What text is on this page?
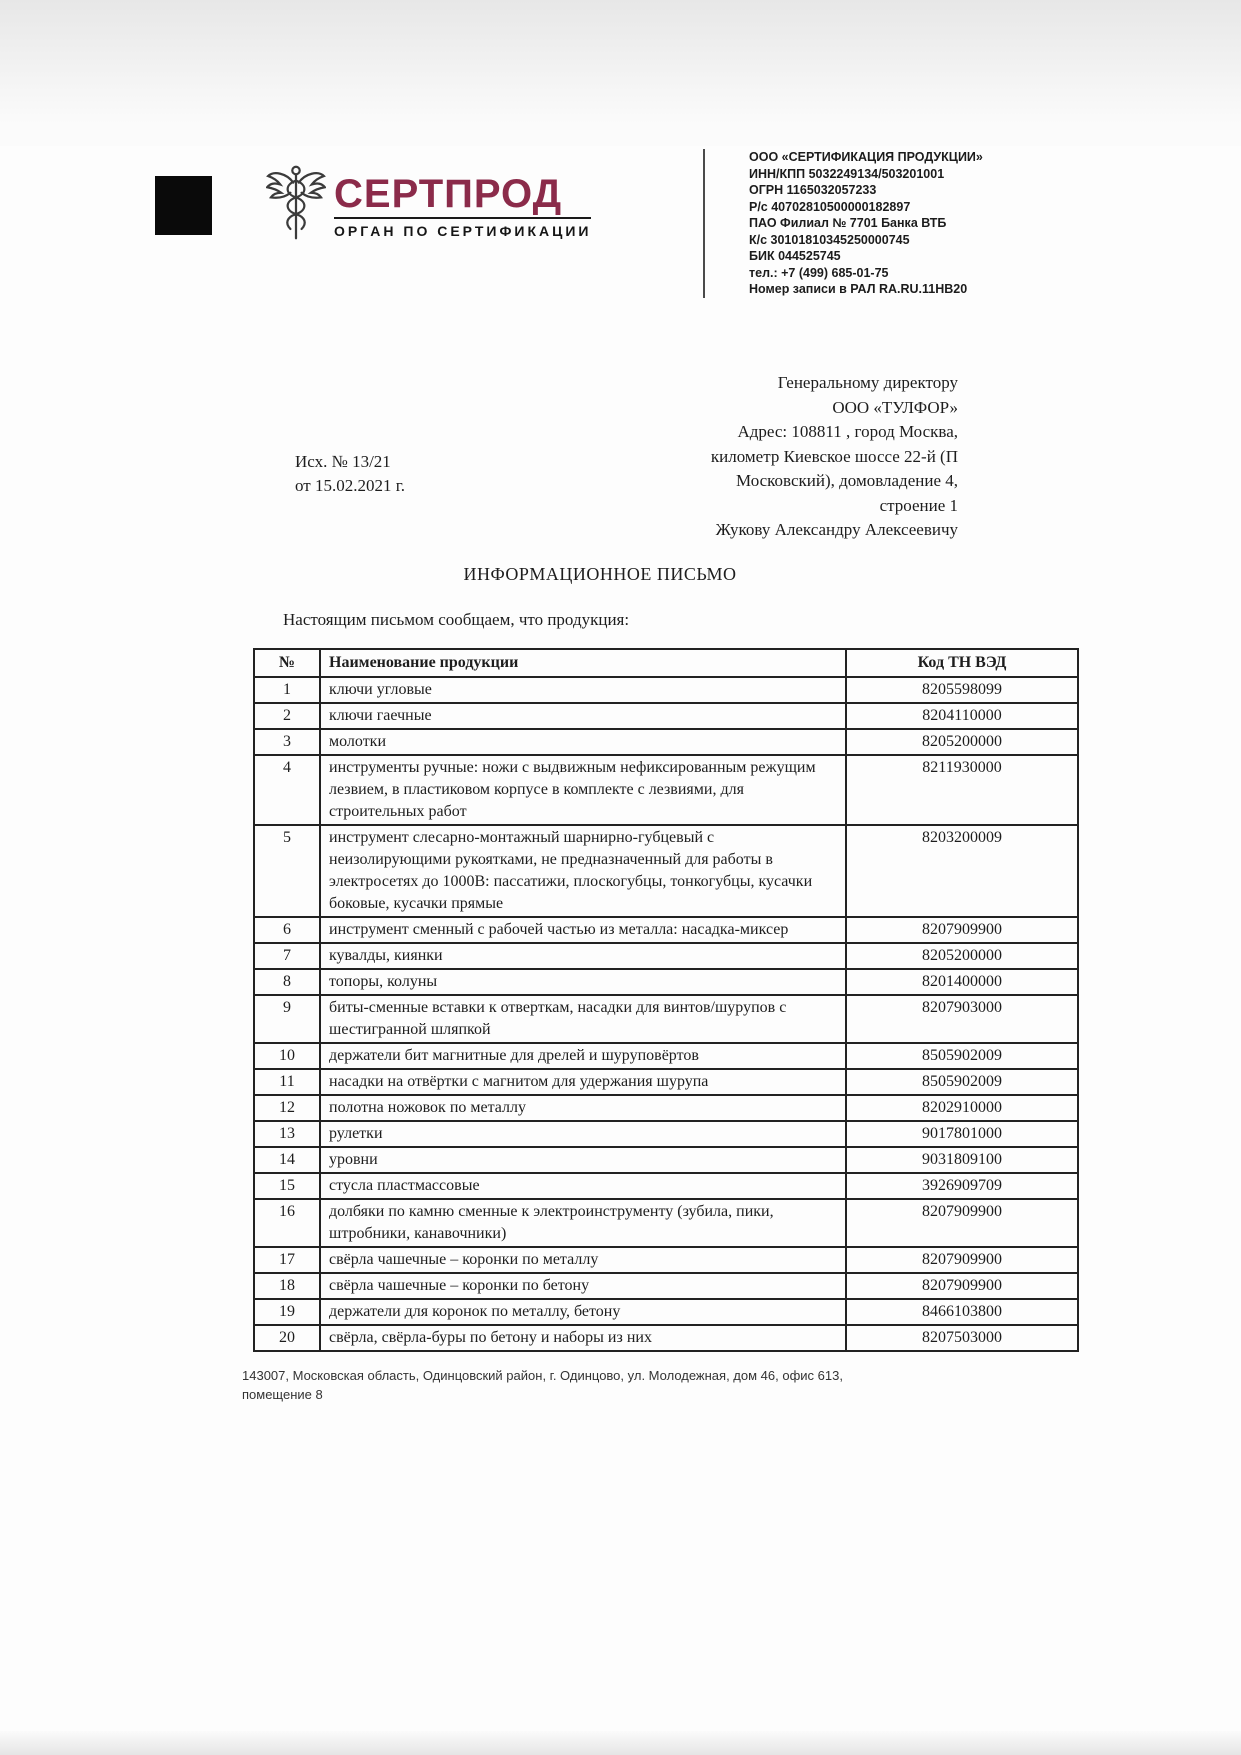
СЕРТПРОД
ОРГАН ПО СЕРТИФИКАЦИИ
ООО «СЕРТИФИКАЦИЯ ПРОДУКЦИИ»
ИНН/КПП 5032249134/503201001
ОГРН 1165032057233
Р/с 40702810500000182897
ПАО Филиал № 7701 Банка ВТБ
К/с 30101810345250000745
БИК 044525745
тел.: +7 (499) 685-01-75
Номер записи в РАЛ RA.RU.11HB20
Исх. № 13/21
от 15.02.2021 г.
Генеральному директору
ООО «ТУЛФОР»
Адрес: 108811 , город Москва,
километр Киевское шоссе 22-й (П
Московский), домовладение 4,
строение 1
Жукову Александру Алексеевичу
ИНФОРМАЦИОННОЕ ПИСЬМО
Настоящим письмом сообщаем, что продукция:
№	Наименование продукции	Код ТН ВЭД
1	ключи угловые	8205598099
2	ключи гаечные	8204110000
3	молотки	8205200000
4	инструменты ручные: ножи с выдвижным нефиксированным режущим лезвием, в пластиковом корпусе в комплекте с лезвиями, для строительных работ	8211930000
5	инструмент слесарно-монтажный шарнирно-губцевый с неизолирующими рукоятками, не предназначенный для работы в электросетях до 1000В: пассатижи, плоскогубцы, тонкогубцы, кусачки боковые, кусачки прямые	8203200009
6	инструмент сменный с рабочей частью из металла: насадка-миксер	8207909900
7	кувалды, киянки	8205200000
8	топоры, колуны	8201400000
9	биты-сменные вставки к отверткам, насадки для винтов/шурупов с шестигранной шляпкой	8207903000
10	держатели бит магнитные для дрелей и шуруповёртов	8505902009
11	насадки на отвёртки с магнитом для удержания шурупа	8505902009
12	полотна ножовок по металлу	8202910000
13	рулетки	9017801000
14	уровни	9031809100
15	стусла пластмассовые	3926909709
16	долбяки по камню сменные к электроинструменту (зубила, пики, штробники, канавочники)	8207909900
17	свёрла чашечные – коронки по металлу	8207909900
18	свёрла чашечные – коронки по бетону	8207909900
19	держатели для коронок по металлу, бетону	8466103800
20	свёрла, свёрла-буры по бетону и наборы из них	8207503000
143007, Московская область, Одинцовский район, г. Одинцово, ул. Молодежная, дом 46, офис 613,
помещение 8
